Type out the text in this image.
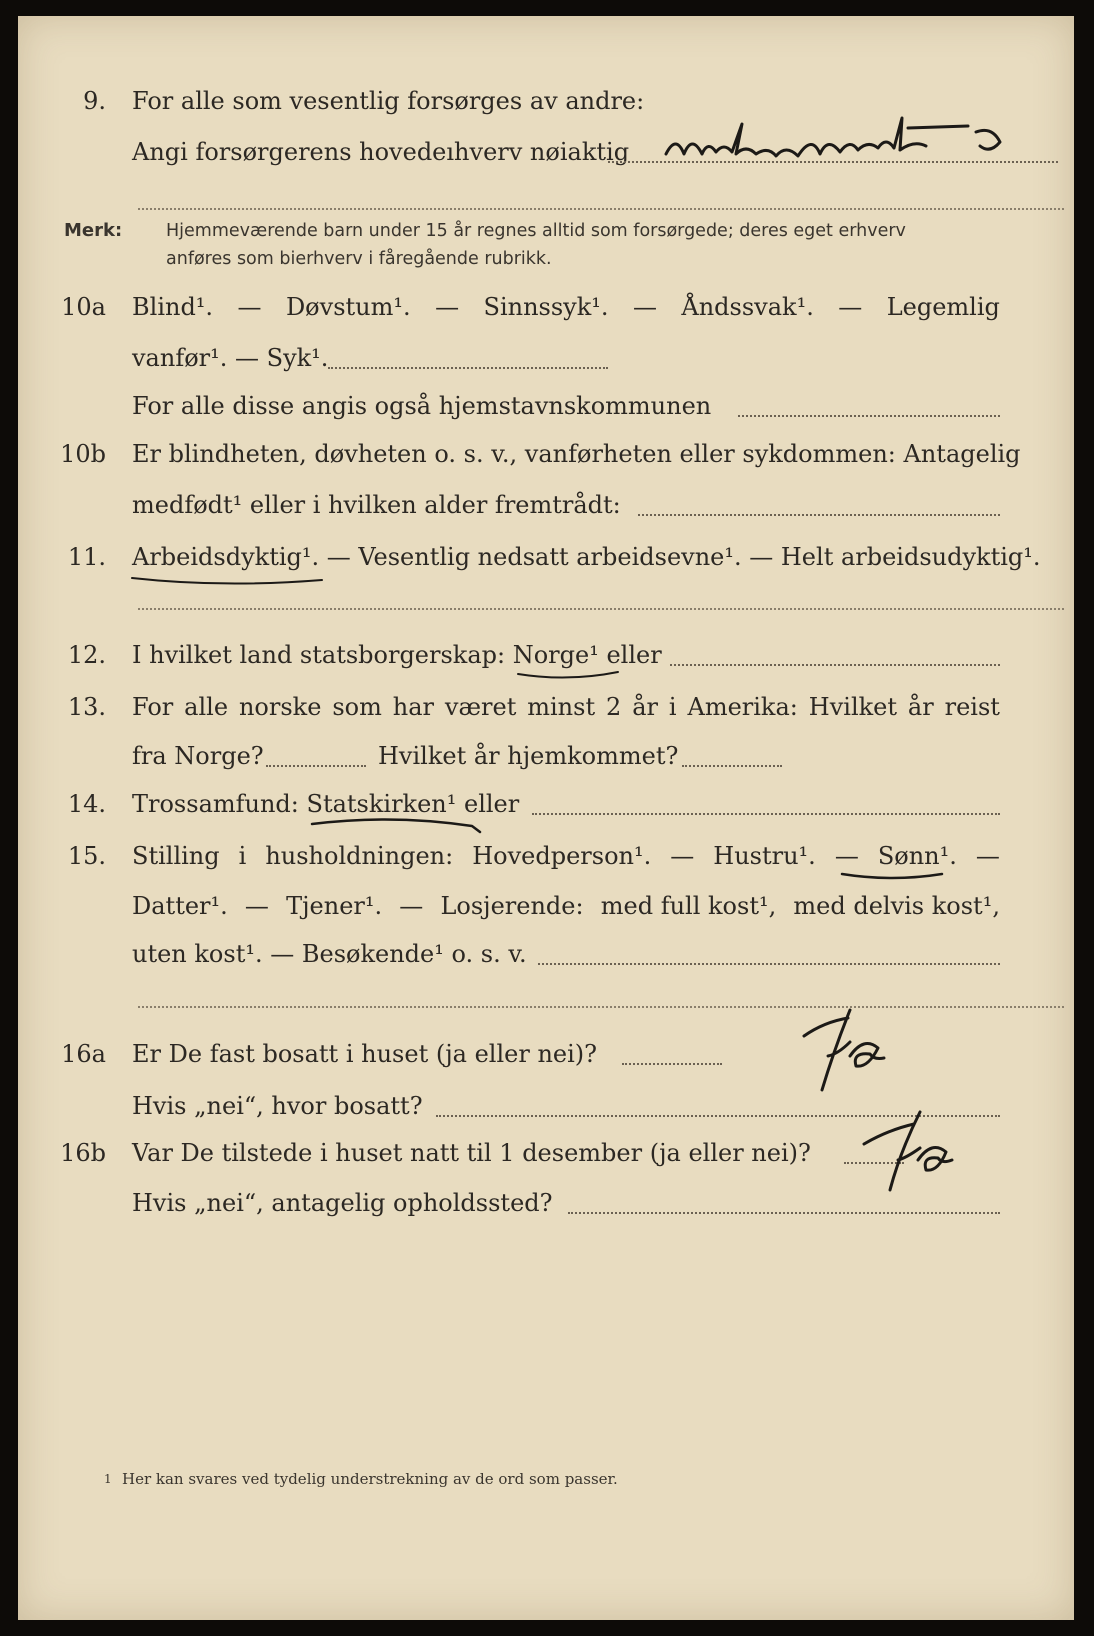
9. For alle som vesentlig forsørges av andre:
Angi forsørgerens hovedeıhverv nøiaktig
Merk:	Hjemmeværende barn under 15 år regnes alltid som forsørgede; deres eget erhverv
anføres som bierhverv i fåregående rubrikk.
10a Blind¹. — Døvstum¹. — Sinnssyk¹. — Åndssvak¹. — Legemlig
vanfør¹. — Syk¹.
For alle disse angis også hjemstavnskommunen
10b Er blindheten, døvheten o. s. v., vanførheten eller sykdommen: Antagelig
medfødt¹ eller i hvilken alder fremtrådt:
11. Arbeidsdyktig¹. — Vesentlig nedsatt arbeidsevne¹. — Helt arbeidsudyktig¹.
12. I hvilket land statsborgerskap: Norge¹ eller
13. For alle norske som har været minst 2 år i Amerika: Hvilket år reist
fra Norge?	Hvilket år hjemkommet?
14. Trossamfund: Statskirken¹ eller
15. Stilling i husholdningen: Hovedperson¹. — Hustru¹. — Sønn¹. —
Datter¹. — Tjener¹. — Losjerende: med full kost¹, med delvis kost¹,
uten kost¹. — Besøkende¹ o. s. v.
16a Er De fast bosatt i huset (ja eller nei)?
Hvis „nei“, hvor bosatt?
16b Var De tilstede i huset natt til 1 desember (ja eller nei)?
Hvis „nei“, antagelig opholdssted?
1 Her kan svares ved tydelig understrekning av de ord som passer.
